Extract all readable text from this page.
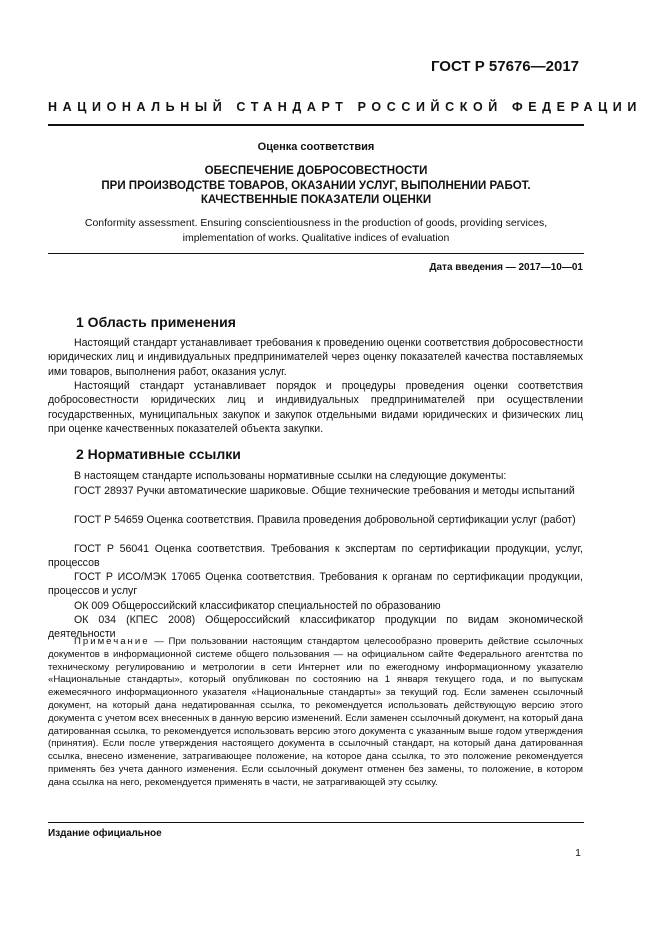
ГОСТ Р 57676—2017
НАЦИОНАЛЬНЫЙ СТАНДАРТ РОССИЙСКОЙ ФЕДЕРАЦИИ
Оценка соответствия
ОБЕСПЕЧЕНИЕ ДОБРОСОВЕСТНОСТИ
ПРИ ПРОИЗВОДСТВЕ ТОВАРОВ, ОКАЗАНИИ УСЛУГ, ВЫПОЛНЕНИИ РАБОТ.
КАЧЕСТВЕННЫЕ ПОКАЗАТЕЛИ ОЦЕНКИ
Conformity assessment. Ensuring conscientiousness in the production of goods, providing services,
implementation of works. Qualitative indices of evaluation
Дата введения — 2017—10—01
1 Область применения

Настоящий стандарт устанавливает требования к проведению оценки соответствия добросовестности юридических лиц и индивидуальных предпринимателей через оценку показателей качества поставляемых ими товаров, выполнения работ, оказания услуг.

Настоящий стандарт устанавливает порядок и процедуры проведения оценки соответствия добросовестности юридических лиц и индивидуальных предпринимателей при осуществлении государственных, муниципальных закупок и закупок отдельными видами юридических и физических лиц при оценке качественных показателей объекта закупки.

2 Нормативные ссылки

В настоящем стандарте использованы нормативные ссылки на следующие документы:

ГОСТ 28937 Ручки автоматические шариковые. Общие технические требования и методы испытаний

ГОСТ Р 54659 Оценка соответствия. Правила проведения добровольной сертификации услуг (работ)

ГОСТ Р 56041 Оценка соответствия. Требования к экспертам по сертификации продукции, услуг, процессов

ГОСТ Р ИСО/МЭК 17065 Оценка соответствия. Требования к органам по сертификации продукции, процессов и услуг

ОК 009 Общероссийский классификатор специальностей по образованию

ОК 034 (КПЕС 2008) Общероссийский классификатор продукции по видам экономической деятельности

Примечание — При пользовании настоящим стандартом целесообразно проверить действие ссылочных документов в информационной системе общего пользования — на официальном сайте Федерального агентства по техническому регулированию и метрологии в сети Интернет или по ежегодному информационному указателю «Национальные стандарты», который опубликован по состоянию на 1 января текущего года, и по выпускам ежемесячного информационного указателя «Национальные стандарты» за текущий год. Если заменен ссылочный документ, на который дана недатированная ссылка, то рекомендуется использовать действующую версию этого документа с учетом всех внесенных в данную версию изменений. Если заменен ссылочный документ, на который дана датированная ссылка, то рекомендуется использовать версию этого документа с указанным выше годом утверждения (принятия). Если после утверждения настоящего документа в ссылочный стандарт, на который дана датированная ссылка, внесено изменение, затрагивающее положение, на которое дана ссылка, то это положение рекомендуется применять без учета данного изменения. Если ссылочный документ отменен без замены, то положение, в котором дана ссылка на него, рекомендуется применять в части, не затрагивающей эту ссылку.

Издание официальное
1
